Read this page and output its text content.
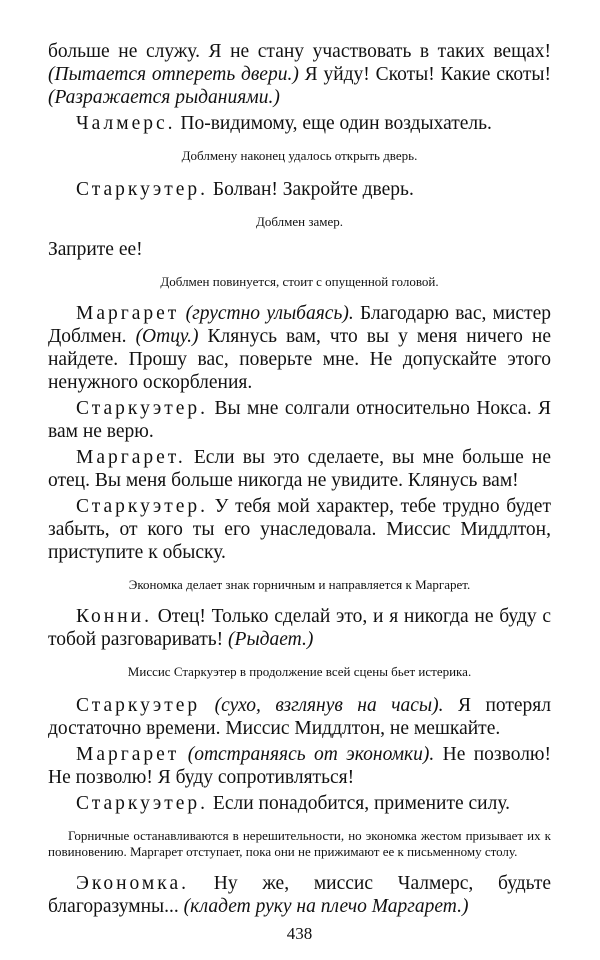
больше не служу. Я не стану участвовать в таких вещах! (Пытается отпереть двери.) Я уйду! Скоты! Какие скоты! (Разражается рыданиями.)

Чалмерс. По-видимому, еще один воздыхатель.

Доблмену наконец удалось открыть дверь.

Старкуэтер. Болван! Закройте дверь.

Доблмен замер.

Заприте ее!

Доблмен повинуется, стоит с опущенной головой.

Маргарет (грустно улыбаясь). Благодарю вас, мистер Доблмен. (Отцу.) Клянусь вам, что вы у меня ничего не найдете. Прошу вас, поверьте мне. Не допускайте этого ненужного оскорбления.

Старкуэтер. Вы мне солгали относительно Нокса. Я вам не верю.

Маргарет. Если вы это сделаете, вы мне больше не отец. Вы меня больше никогда не увидите. Клянусь вам!

Старкуэтер. У тебя мой характер, тебе трудно будет забыть, от кого ты его унаследовала. Миссис Миддлтон, приступите к обыску.

Экономка делает знак горничным и направляется к Маргарет.

Конни. Отец! Только сделай это, и я никогда не буду с тобой разговаривать! (Рыдает.)

Миссис Старкуэтер в продолжение всей сцены бьет истерика.

Старкуэтер (сухо, взглянув на часы). Я потерял достаточно времени. Миссис Миддлтон, не мешкайте.

Маргарет (отстраняясь от экономки). Не позволю! Не позволю! Я буду сопротивляться!

Старкуэтер. Если понадобится, примените силу.

Горничные останавливаются в нерешительности, но экономка жестом призывает их к повиновению. Маргарет отступает, пока они не прижимают ее к письменному столу.

Экономка. Ну же, миссис Чалмерс, будьте благоразумны... (кладет руку на плечо Маргарет.)

438
